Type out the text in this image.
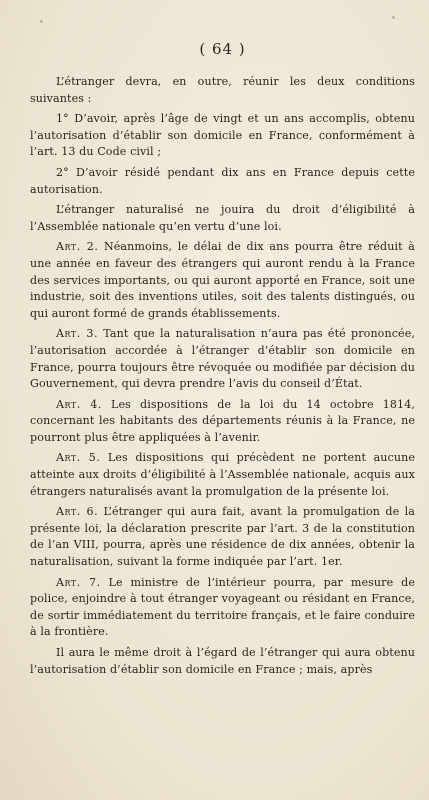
( 64 )

L’étranger devra, en outre, réunir les deux conditions suivantes :

1° D’avoir, après l’âge de vingt et un ans accomplis, obtenu l’autorisation d’établir son domicile en France, conformément à l’art. 13 du Code civil ;

2° D’avoir résidé pendant dix ans en France depuis cette autorisation.

L’étranger naturalisé ne jouira du droit d’éligibilité à l’Assemblée nationale qu’en vertu d’une loi.

Art. 2. Néanmoins, le délai de dix ans pourra être réduit à une année en faveur des étrangers qui auront rendu à la France des services importants, ou qui auront apporté en France, soit une industrie, soit des inventions utiles, soit des talents distingués, ou qui auront formé de grands établissements.

Art. 3. Tant que la naturalisation n’aura pas été prononcée, l’autorisation accordée à l’étranger d’établir son domicile en France, pourra toujours être révoquée ou modifiée par décision du Gouvernement, qui devra prendre l’avis du conseil d’État.

Art. 4. Les dispositions de la loi du 14 octobre 1814, concernant les habitants des départements réunis à la France, ne pourront plus être appliquées à l’avenir.

Art. 5. Les dispositions qui précèdent ne portent aucune atteinte aux droits d’éligibilité à l’Assemblée nationale, acquis aux étrangers naturalisés avant la promulgation de la présente loi.

Art. 6. L’étranger qui aura fait, avant la promulgation de la présente loi, la déclaration prescrite par l’art. 3 de la constitution de l’an VIII, pourra, après une résidence de dix années, obtenir la naturalisation, suivant la forme indiquée par l’art. 1er.

Art. 7. Le ministre de l’intérieur pourra, par mesure de police, enjoindre à tout étranger voyageant ou résidant en France, de sortir immédiatement du territoire français, et le faire conduire à la frontière.

Il aura le même droit à l’égard de l’étranger qui aura obtenu l’autorisation d’établir son domicile en France ; mais, après
